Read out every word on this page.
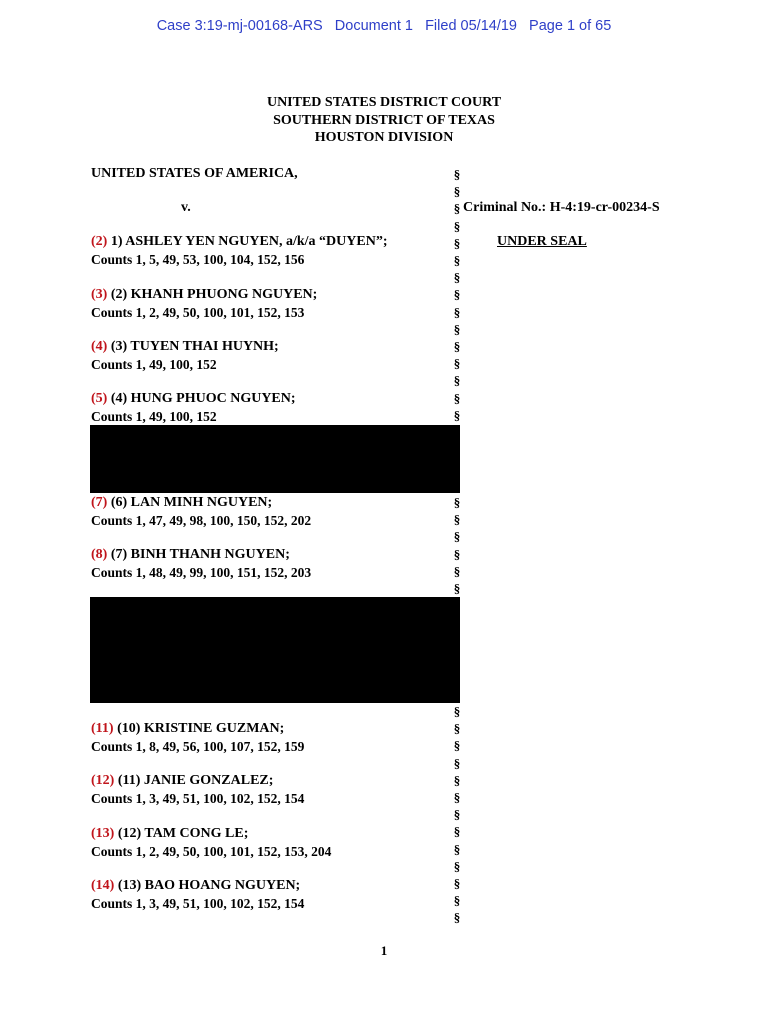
Case 3:19-mj-00168-ARS   Document 1   Filed 05/14/19   Page 1 of 65
UNITED STATES DISTRICT COURT
SOUTHERN DISTRICT OF TEXAS
HOUSTON DIVISION
UNITED STATES OF AMERICA,
v.	Criminal No.: H-4:19-cr-00234-S
UNDER SEAL
(2) 1) ASHLEY YEN NGUYEN, a/k/a “DUYEN”;
Counts 1, 5, 49, 53, 100, 104, 152, 156
(3) (2) KHANH PHUONG NGUYEN;
Counts 1, 2, 49, 50, 100, 101, 152, 153
(4) (3) TUYEN THAI HUYNH;
Counts 1, 49, 100, 152
(5) (4) HUNG PHUOC NGUYEN;
Counts 1, 49, 100, 152
(7) (6) LAN MINH NGUYEN;
Counts 1, 47, 49, 98, 100, 150, 152, 202
(8) (7) BINH THANH NGUYEN;
Counts 1, 48, 49, 99, 100, 151, 152, 203
(11) (10) KRISTINE GUZMAN;
Counts 1, 8, 49, 56, 100, 107, 152, 159
(12) (11) JANIE GONZALEZ;
Counts 1, 3, 49, 51, 100, 102, 152, 154
(13) (12) TAM CONG LE;
Counts 1, 2, 49, 50, 100, 101, 152, 153, 204
(14) (13) BAO HOANG NGUYEN;
Counts 1, 3, 49, 51, 100, 102, 152, 154
§
§
§
§
§
§
§
§
§
§
§
§
§
§
§
§
§
§
§
§
§
§
§
§
§
§
§
§
§
§
§
§
§
§
1
